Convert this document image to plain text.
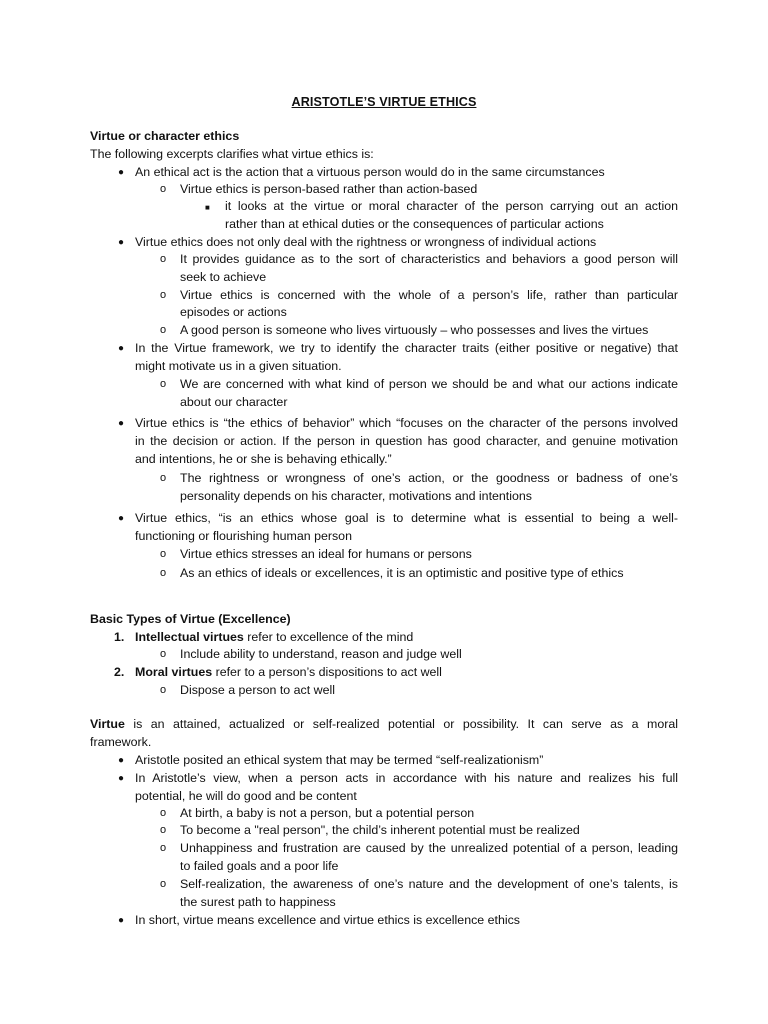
ARISTOTLE’S VIRTUE ETHICS
Virtue or character ethics
The following excerpts clarifies what virtue ethics is:
● An ethical act is the action that a virtuous person would do in the same circumstances
o Virtue ethics is person-based rather than action-based
■ it looks at the virtue or moral character of the person carrying out an action
rather than at ethical duties or the consequences of particular actions
● Virtue ethics does not only deal with the rightness or wrongness of individual actions
o It provides guidance as to the sort of characteristics and behaviors a good person will
seek to achieve
o Virtue ethics is concerned with the whole of a person’s life, rather than particular
episodes or actions
o A good person is someone who lives virtuously – who possesses and lives the virtues
● In the Virtue framework, we try to identify the character traits (either positive or negative) that
might motivate us in a given situation.
o We are concerned with what kind of person we should be and what our actions indicate
about our character
● Virtue ethics is “the ethics of behavior” which “focuses on the character of the persons involved
in the decision or action. If the person in question has good character, and genuine motivation
and intentions, he or she is behaving ethically.”
o The rightness or wrongness of one’s action, or the goodness or badness of one’s
personality depends on his character, motivations and intentions
● Virtue ethics, “is an ethics whose goal is to determine what is essential to being a well-
functioning or flourishing human person
o Virtue ethics stresses an ideal for humans or persons
o As an ethics of ideals or excellences, it is an optimistic and positive type of ethics
Basic Types of Virtue (Excellence)
1. Intellectual virtues refer to excellence of the mind
o Include ability to understand, reason and judge well
2. Moral virtues refer to a person’s dispositions to act well
o Dispose a person to act well
Virtue is an attained, actualized or self-realized potential or possibility. It can serve as a moral
framework.
● Aristotle posited an ethical system that may be termed “self-realizationism”
● In Aristotle’s view, when a person acts in accordance with his nature and realizes his full
potential, he will do good and be content
o At birth, a baby is not a person, but a potential person
o To become a "real person", the child’s inherent potential must be realized
o Unhappiness and frustration are caused by the unrealized potential of a person, leading
to failed goals and a poor life
o Self-realization, the awareness of one’s nature and the development of one’s talents, is
the surest path to happiness
● In short, virtue means excellence and virtue ethics is excellence ethics
